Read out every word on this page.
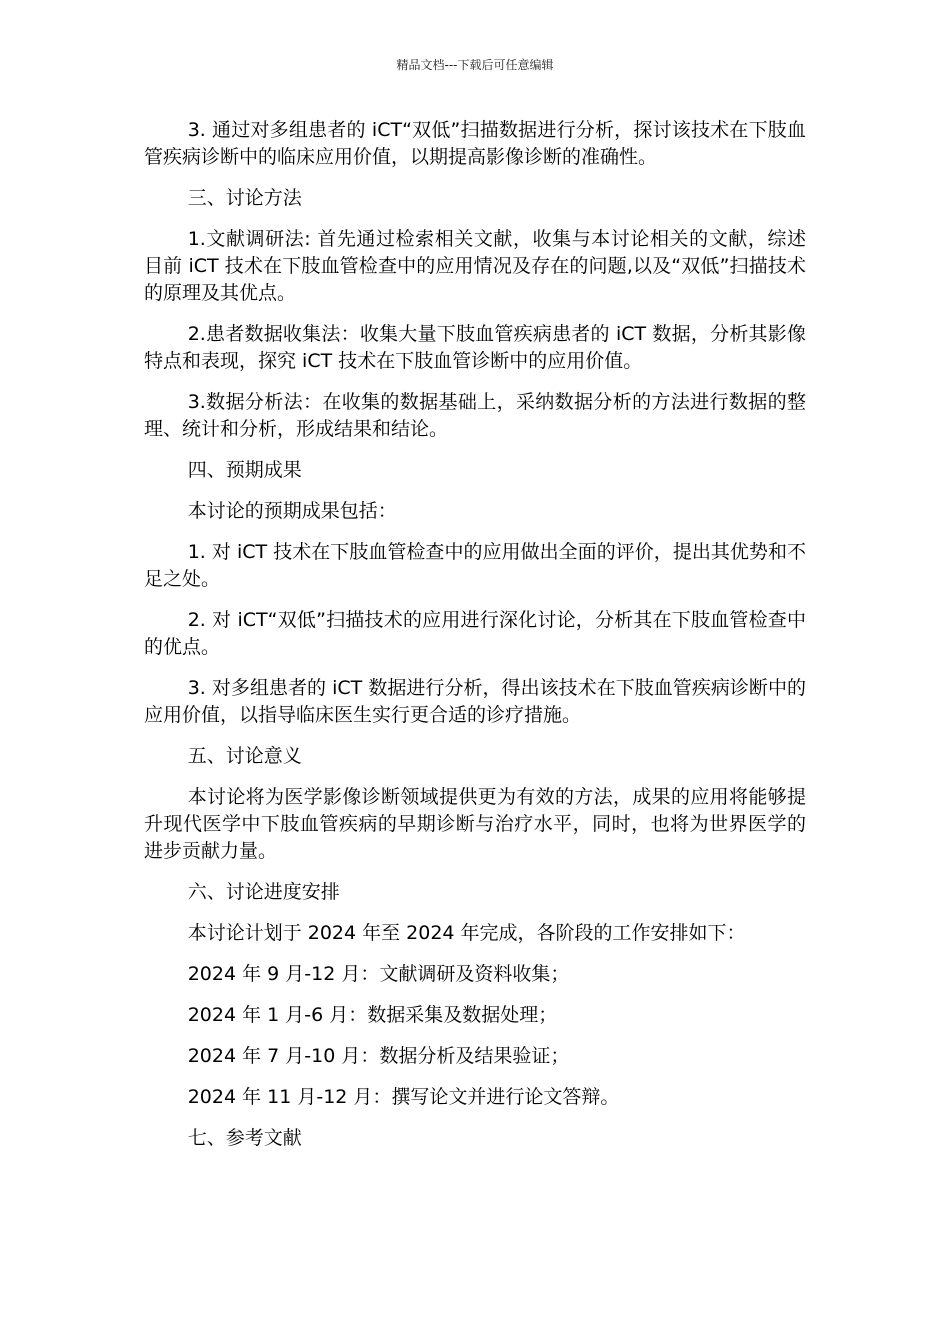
精品文档---下载后可任意编辑

3. 通过对多组患者的 iCT“双低”扫描数据进行分析，探讨该技术在下肢血管疾病诊断中的临床应用价值，以期提高影像诊断的准确性。

三、讨论方法

1.文献调研法: 首先通过检索相关文献，收集与本讨论相关的文献，综述目前 iCT 技术在下肢血管检查中的应用情况及存在的问题,以及“双低”扫描技术的原理及其优点。

2.患者数据收集法：收集大量下肢血管疾病患者的 iCT 数据，分析其影像特点和表现，探究 iCT 技术在下肢血管诊断中的应用价值。

3.数据分析法：在收集的数据基础上，采纳数据分析的方法进行数据的整理、统计和分析，形成结果和结论。

四、预期成果

本讨论的预期成果包括：

1. 对 iCT 技术在下肢血管检查中的应用做出全面的评价，提出其优势和不足之处。

2. 对 iCT“双低”扫描技术的应用进行深化讨论，分析其在下肢血管检查中的优点。

3. 对多组患者的 iCT 数据进行分析，得出该技术在下肢血管疾病诊断中的应用价值，以指导临床医生实行更合适的诊疗措施。

五、讨论意义

本讨论将为医学影像诊断领域提供更为有效的方法，成果的应用将能够提升现代医学中下肢血管疾病的早期诊断与治疗水平，同时，也将为世界医学的进步贡献力量。

六、讨论进度安排

本讨论计划于 2024 年至 2024 年完成，各阶段的工作安排如下：

2024 年 9 月-12 月：文献调研及资料收集；

2024 年 1 月-6 月：数据采集及数据处理；

2024 年 7 月-10 月：数据分析及结果验证；

2024 年 11 月-12 月：撰写论文并进行论文答辩。

七、参考文献
